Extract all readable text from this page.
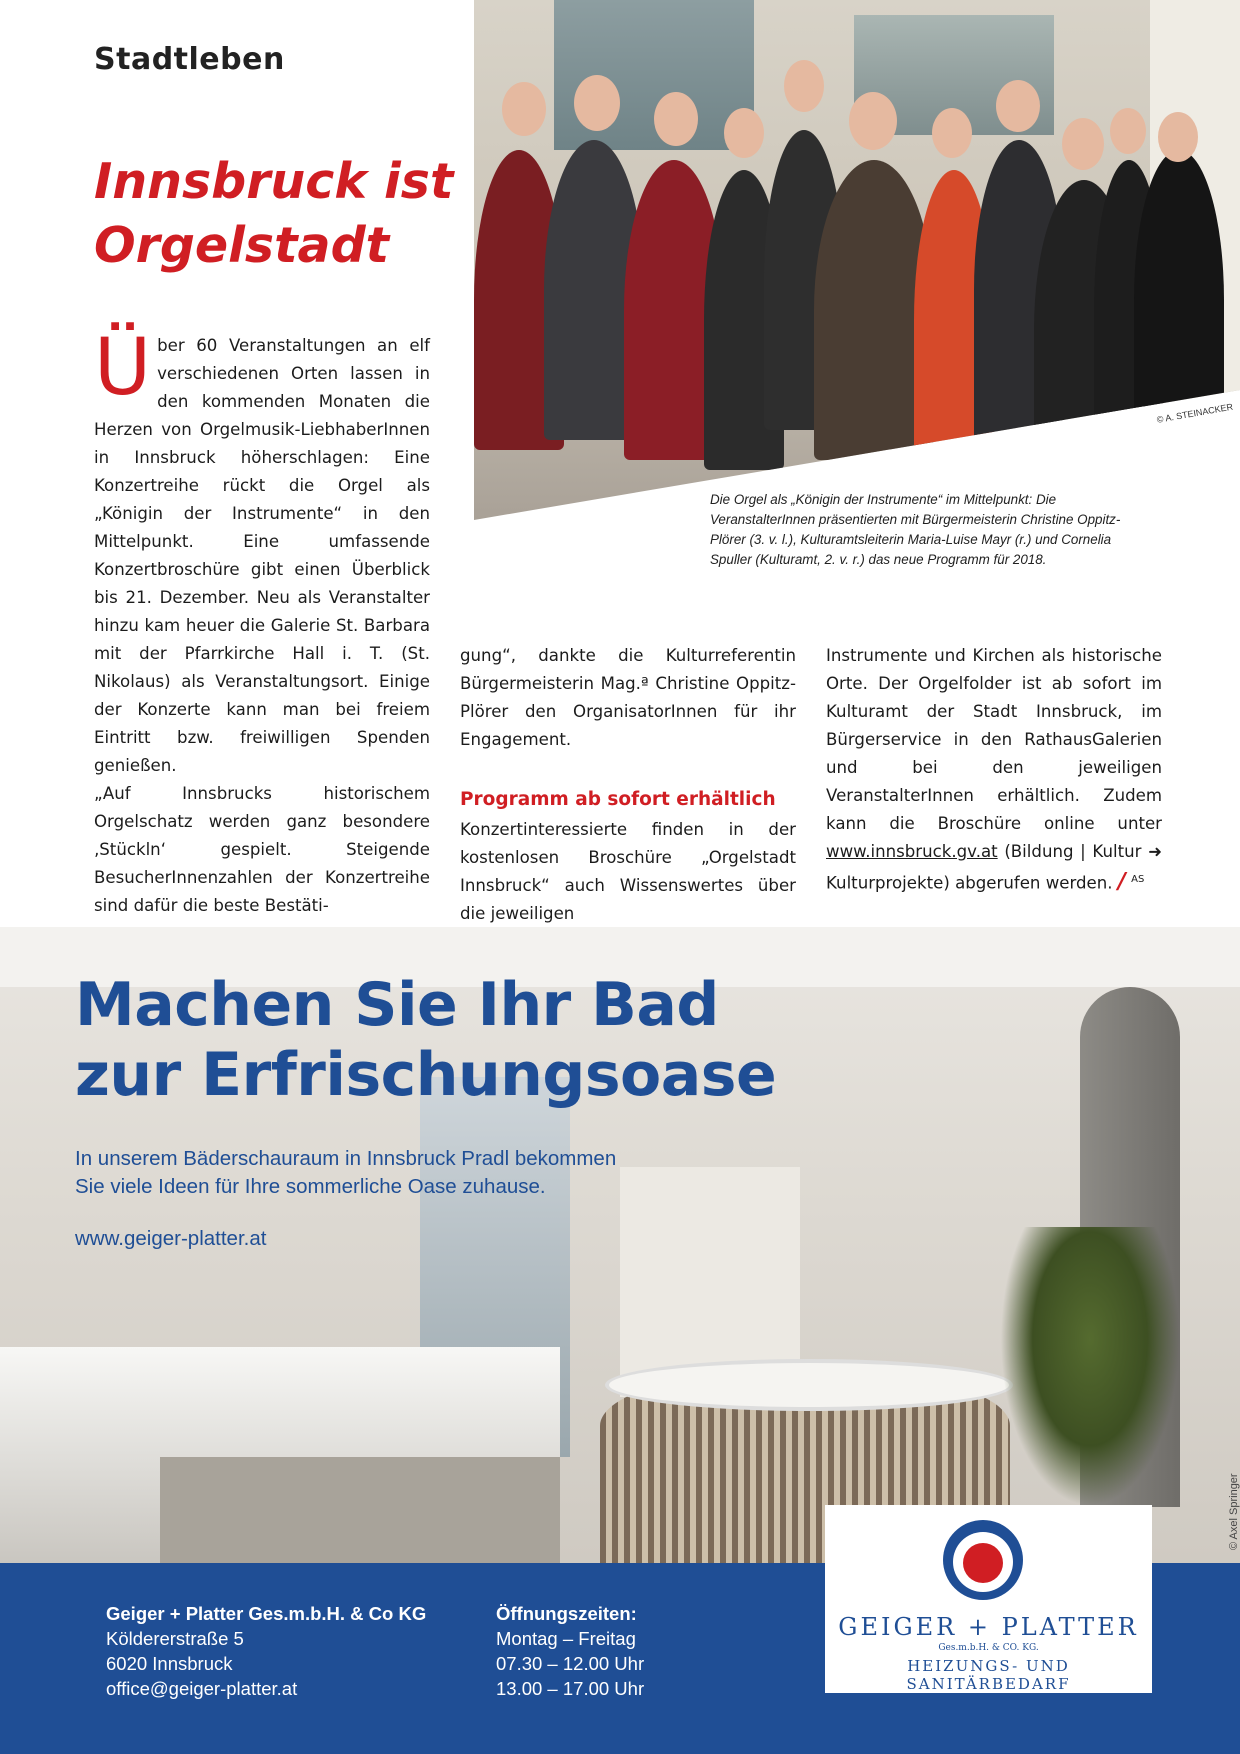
Stadtleben
Innsbruck ist
Orgelstadt
© A. STEINACKER
Die Orgel als „Königin der Instrumente“ im Mittelpunkt: Die VeranstalterInnen präsentierten mit Bürgermeisterin Christine Oppitz-Plörer (3. v. l.), Kulturamtsleiterin Maria-Luise Mayr (r.) und Cornelia Spuller (Kulturamt, 2. v. r.) das neue Programm für 2018.

Über 60 Veranstaltungen an elf verschiedenen Orten lassen in den kommenden Monaten die Herzen von Orgelmusik-LiebhaberInnen in Innsbruck höherschlagen: Eine Konzertreihe rückt die Orgel als „Königin der Instrumente“ in den Mittelpunkt. Eine umfassende Konzertbroschüre gibt einen Überblick bis 21. Dezember. Neu als Veranstalter hinzu kam heuer die Galerie St. Barbara mit der Pfarrkirche Hall i. T. (St. Nikolaus) als Veranstaltungsort. Einige der Konzerte kann man bei freiem Eintritt bzw. freiwilligen Spenden genießen.

„Auf Innsbrucks historischem Orgelschatz werden ganz besondere ‚Stückln‘ gespielt. Steigende BesucherInnenzahlen der Konzertreihe sind dafür die beste Bestäti-

gung“, dankte die Kulturreferentin Bürgermeisterin Mag.ª Christine Oppitz-Plörer den OrganisatorInnen für ihr Engagement.

Programm ab sofort erhältlich

Konzertinteressierte finden in der kostenlosen Broschüre „Orgelstadt Innsbruck“ auch Wissenswertes über die jeweiligen

Instrumente und Kirchen als historische Orte. Der Orgelfolder ist ab sofort im Kulturamt der Stadt Innsbruck, im Bürgerservice in den RathausGalerien und bei den jeweiligen VeranstalterInnen erhältlich. Zudem kann die Broschüre online unter www.innsbruck.gv.at (Bildung | Kultur ➜ Kulturprojekte) abgerufen werden. / $^{AS}$

Machen Sie Ihr Bad
zur Erfrischungsoase
In unserem Bäderschauraum in Innsbruck Pradl bekommen
Sie viele Ideen für Ihre sommerliche Oase zuhause.
www.geiger-platter.at
© Axel Springer
Geiger + Platter Ges.m.b.H. & Co KG
Köldererstraße 5
6020 Innsbruck
office@geiger-platter.at
Öffnungszeiten:
Montag – Freitag
07.30 – 12.00 Uhr
13.00 – 17.00 Uhr
GEIGER + PLATTER
Ges.m.b.H. & CO. KG.
HEIZUNGS- UND SANITÄRBEDARF
